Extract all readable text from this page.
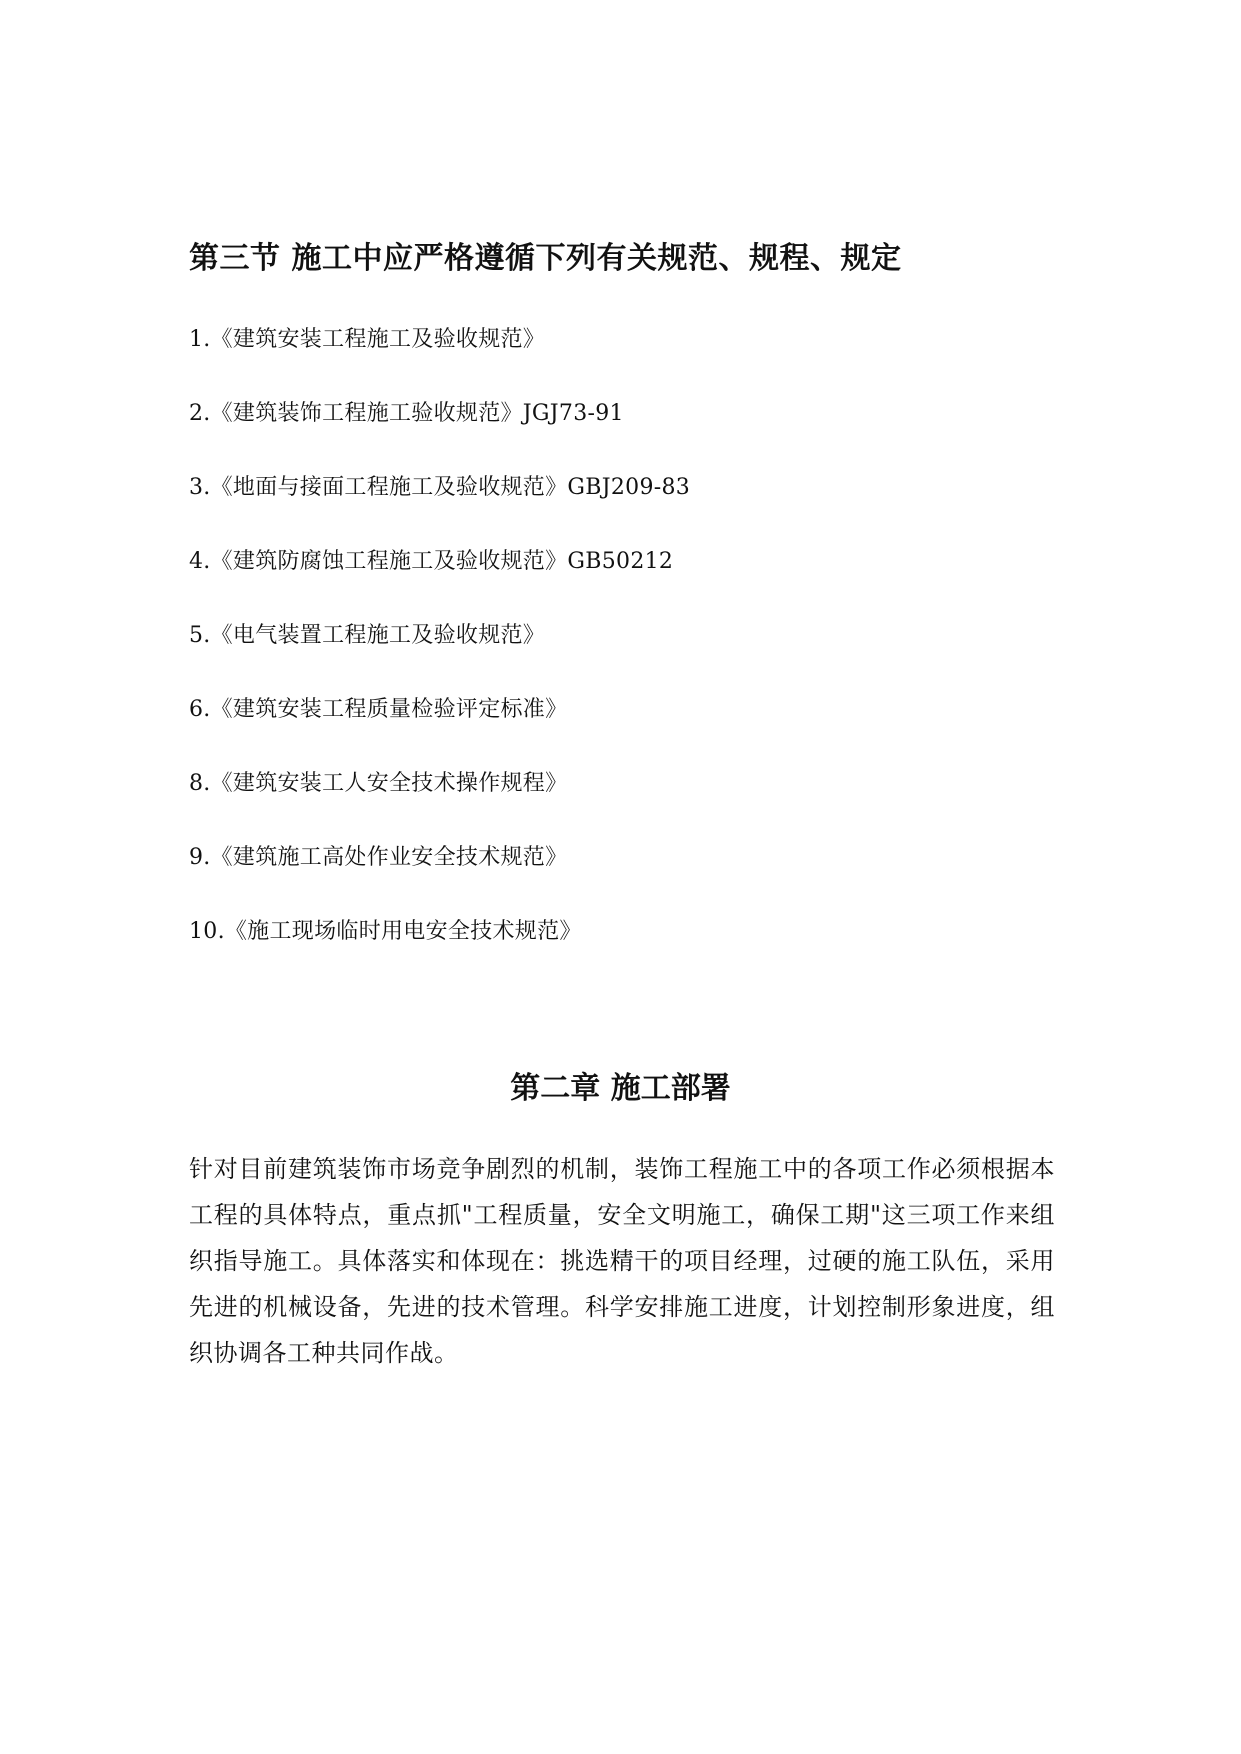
第三节 施工中应严格遵循下列有关规范、规程、规定
1.《建筑安装工程施工及验收规范》
2.《建筑装饰工程施工验收规范》JGJ73-91
3.《地面与接面工程施工及验收规范》GBJ209-83
4.《建筑防腐蚀工程施工及验收规范》GB50212
5.《电气装置工程施工及验收规范》
6.《建筑安装工程质量检验评定标准》
8.《建筑安装工人安全技术操作规程》
9.《建筑施工高处作业安全技术规范》
10.《施工现场临时用电安全技术规范》
第二章 施工部署

针对目前建筑装饰市场竞争剧烈的机制，装饰工程施工中的各项工作必须根据本工程的具体特点，重点抓"工程质量，安全文明施工，确保工期"这三项工作来组织指导施工。具体落实和体现在：挑选精干的项目经理，过硬的施工队伍，采用先进的机械设备，先进的技术管理。科学安排施工进度，计划控制形象进度，组织协调各工种共同作战。
